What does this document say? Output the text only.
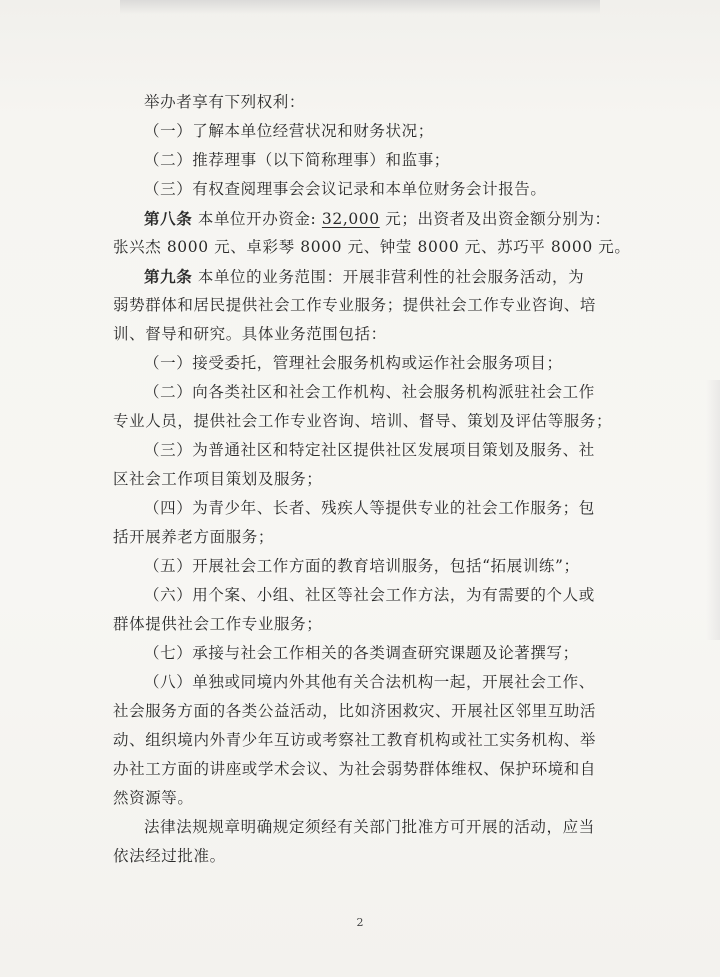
举办者享有下列权利：
（一）了解本单位经营状况和财务状况；
（二）推荐理事（以下简称理事）和监事；
（三）有权查阅理事会会议记录和本单位财务会计报告。
第八条 本单位开办资金: 32,000 元；出资者及出资金额分别为：
张兴杰 8000 元、卓彩琴 8000 元、钟莹 8000 元、苏巧平 8000 元。
第九条 本单位的业务范围：开展非营利性的社会服务活动，为
弱势群体和居民提供社会工作专业服务；提供社会工作专业咨询、培
训、督导和研究。具体业务范围包括：
（一）接受委托，管理社会服务机构或运作社会服务项目；
（二）向各类社区和社会工作机构、社会服务机构派驻社会工作
专业人员，提供社会工作专业咨询、培训、督导、策划及评估等服务；
（三）为普通社区和特定社区提供社区发展项目策划及服务、社
区社会工作项目策划及服务；
（四）为青少年、长者、残疾人等提供专业的社会工作服务；包
括开展养老方面服务；
（五）开展社会工作方面的教育培训服务，包括“拓展训练”；
（六）用个案、小组、社区等社会工作方法，为有需要的个人或
群体提供社会工作专业服务；
（七）承接与社会工作相关的各类调查研究课题及论著撰写；
（八）单独或同境内外其他有关合法机构一起，开展社会工作、
社会服务方面的各类公益活动，比如济困救灾、开展社区邻里互助活
动、组织境内外青少年互访或考察社工教育机构或社工实务机构、举
办社工方面的讲座或学术会议、为社会弱势群体维权、保护环境和自
然资源等。
法律法规规章明确规定须经有关部门批准方可开展的活动，应当
依法经过批准。
2
